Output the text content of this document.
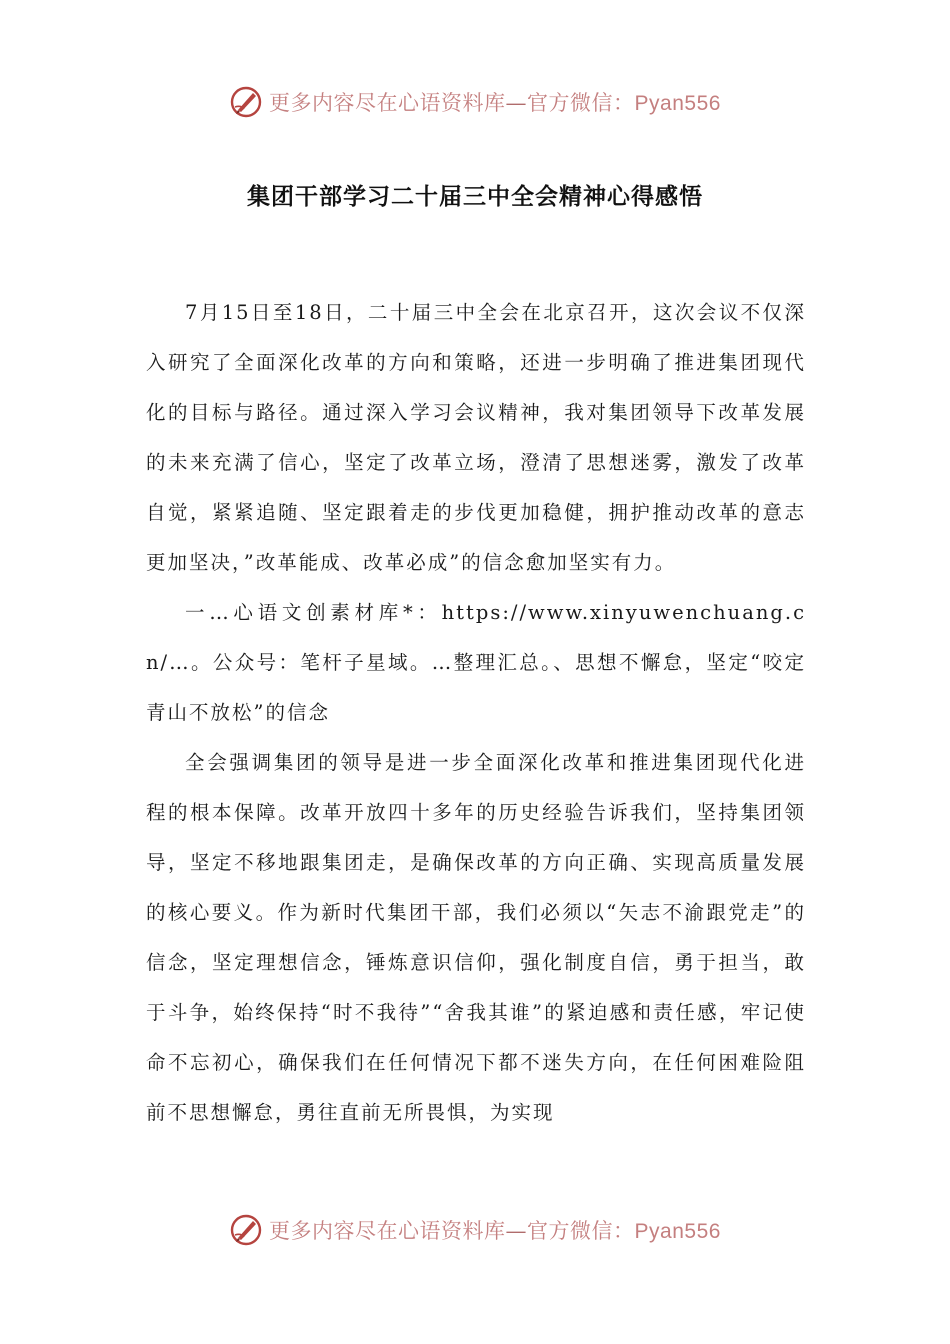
更多内容尽在心语资料库—官方微信：Pyan556
集团干部学习二十届三中全会精神心得感悟

7月15日至18日，二十届三中全会在北京召开，这次会议不仅深入研究了全面深化改革的方向和策略，还进一步明确了推进集团现代化的目标与路径。通过深入学习会议精神，我对集团领导下改革发展的未来充满了信心，坚定了改革立场，澄清了思想迷雾，激发了改革自觉，紧紧追随、坚定跟着走的步伐更加稳健，拥护推动改革的意志更加坚决，”改革能成、改革必成”的信念愈加坚实有力。

一…心语文创素材库*：https://www.xinyuwenchuang.cn/…。公众号：笔杆子星域。…整理汇总。、思想不懈怠，坚定“咬定青山不放松”的信念

全会强调集团的领导是进一步全面深化改革和推进集团现代化进程的根本保障。改革开放四十多年的历史经验告诉我们，坚持集团领导，坚定不移地跟集团走，是确保改革的方向正确、实现高质量发展的核心要义。作为新时代集团干部，我们必须以“矢志不渝跟党走”的信念，坚定理想信念，锤炼意识信仰，强化制度自信，勇于担当，敢于斗争，始终保持“时不我待”“舍我其谁”的紧迫感和责任感，牢记使命不忘初心，确保我们在任何情况下都不迷失方向，在任何困难险阻前不思想懈怠，勇往直前无所畏惧，为实现

更多内容尽在心语资料库—官方微信：Pyan556
